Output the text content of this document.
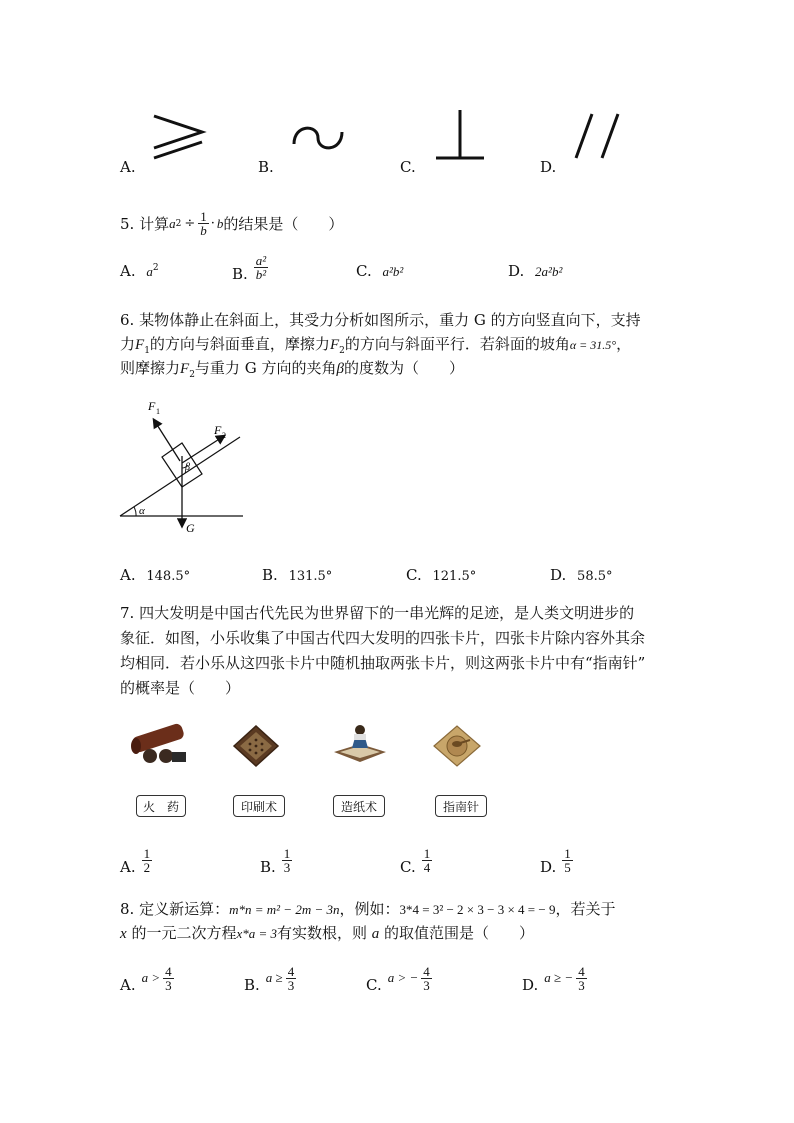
A.	B.	C.	D.
5. 计算 a $2 \div \frac{1}{b} \cdot b$ 的结果是（　　）
A. $a^2$	B. $\frac{\text{a²}}{\text{b²}}$	C. a²b²	D. 2a²b²
6. 某物体静止在斜面上，其受力分析如图所示，重力 G 的方向竖直向下，支持
力$F_1$的方向与斜面垂直，摩擦力$F_2$的方向与斜面平行．若斜面的坡角α = 31.5°，
则摩擦力$F_2$与重力 G 方向的夹角β的度数为（　　）
F 1
F 2
G
α
β
A. 148.5°	B. 131.5°	C. 121.5°	D. 58.5°
7. 四大发明是中国古代先民为世界留下的一串光辉的足迹，是人类文明进步的
象征．如图，小乐收集了中国古代四大发明的四张卡片，四张卡片除内容外其余
均相同．若小乐从这四张卡片中随机抽取两张卡片，则这两张卡片中有“指南针”
的概率是（　　）
火　药	印刷术	造纸术	指南针
A. $\frac{1}{2}$	B. $\frac{1}{3}$	C. $\frac{1}{4}$	D. $\frac{1}{5}$
8. 定义新运算：m*n = m² − 2m − 3n，例如：3*4 = 3² − 2 × 3 − 3 × 4 = − 9，若关于
x 的一元二次方程x*a = 3有实数根，则 a 的取值范围是（　　）
A. $a > \frac{4}{3}$	B. $a \ge \frac{4}{3}$	C. a > − $\frac{4}{3}$	D. a ≥ − $\frac{4}{3}$
